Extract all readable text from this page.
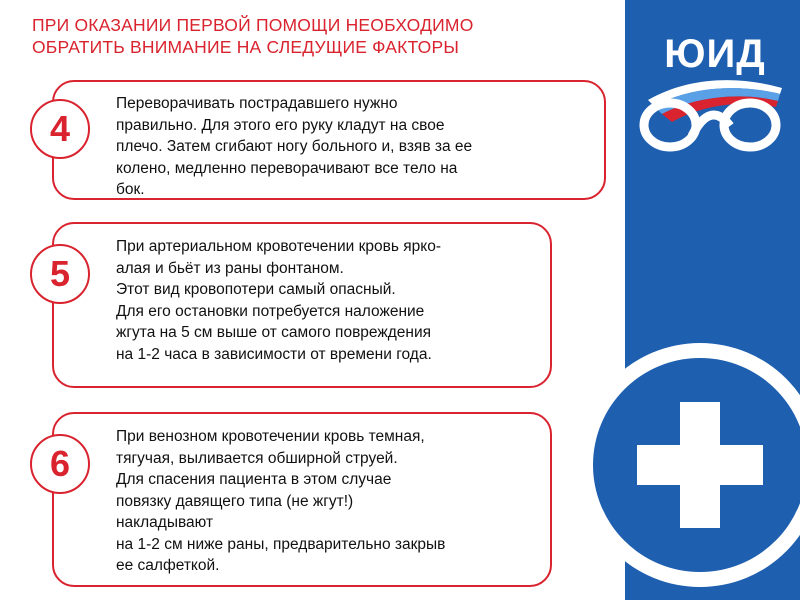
ПРИ ОКАЗАНИИ ПЕРВОЙ ПОМОЩИ НЕОБХОДИМО
ОБРАТИТЬ ВНИМАНИЕ НА СЛЕДУЩИЕ ФАКТОРЫ
Переворачивать пострадавшего нужно
правильно. Для этого его руку кладут на свое
плечо. Затем сгибают ногу больного и, взяв за ее
колено, медленно переворачивают все тело на
бок.
4
При артериальном кровотечении кровь ярко-
алая и бьёт из раны фонтаном.
Этот вид кровопотери самый опасный.
Для его остановки потребуется наложение
жгута на 5 см выше от самого повреждения
на 1-2 часа в зависимости от времени года.
5
При венозном кровотечении кровь темная,
тягучая, выливается обширной струей.
Для спасения пациента в этом случае
повязку давящего типа (не жгут!)
накладывают
на 1-2 см ниже раны, предварительно закрыв
ее салфеткой.
6
ЮИД
